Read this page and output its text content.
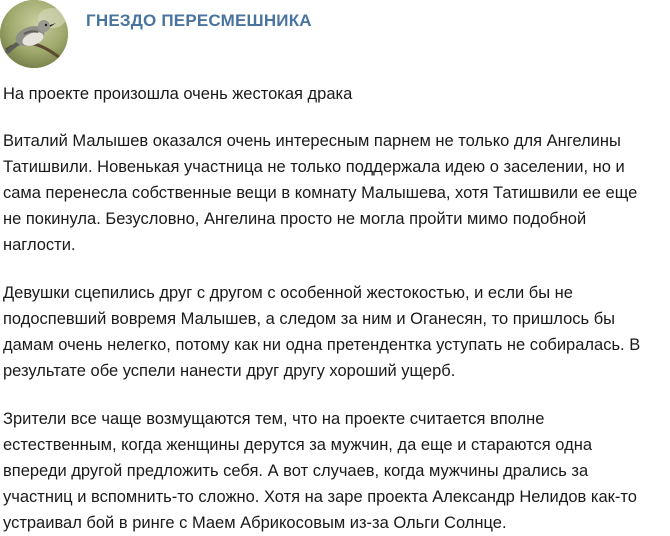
ГНЕЗДО ПЕРЕСМЕШНИКА

На проекте произошла очень жестокая драка

Виталий Малышев оказался очень интересным парнем не только для Ангелины
Татишвили. Новенькая участница не только поддержала идею о заселении, но и
сама перенесла собственные вещи в комнату Малышева, хотя Татишвили ее еще
не покинула. Безусловно, Ангелина просто не могла пройти мимо подобной
наглости.

Девушки сцепились друг с другом с особенной жестокостью, и если бы не
подоспевший вовремя Малышев, а следом за ним и Оганесян, то пришлось бы
дамам очень нелегко, потому как ни одна претендентка уступать не собиралась. В
результате обе успели нанести друг другу хороший ущерб.

Зрители все чаще возмущаются тем, что на проекте считается вполне
естественным, когда женщины дерутся за мужчин, да еще и стараются одна
впереди другой предложить себя. А вот случаев, когда мужчины дрались за
участниц и вспомнить-то сложно. Хотя на заре проекта Александр Нелидов как-то
устраивал бой в ринге с Маем Абрикосовым из-за Ольги Солнце.
